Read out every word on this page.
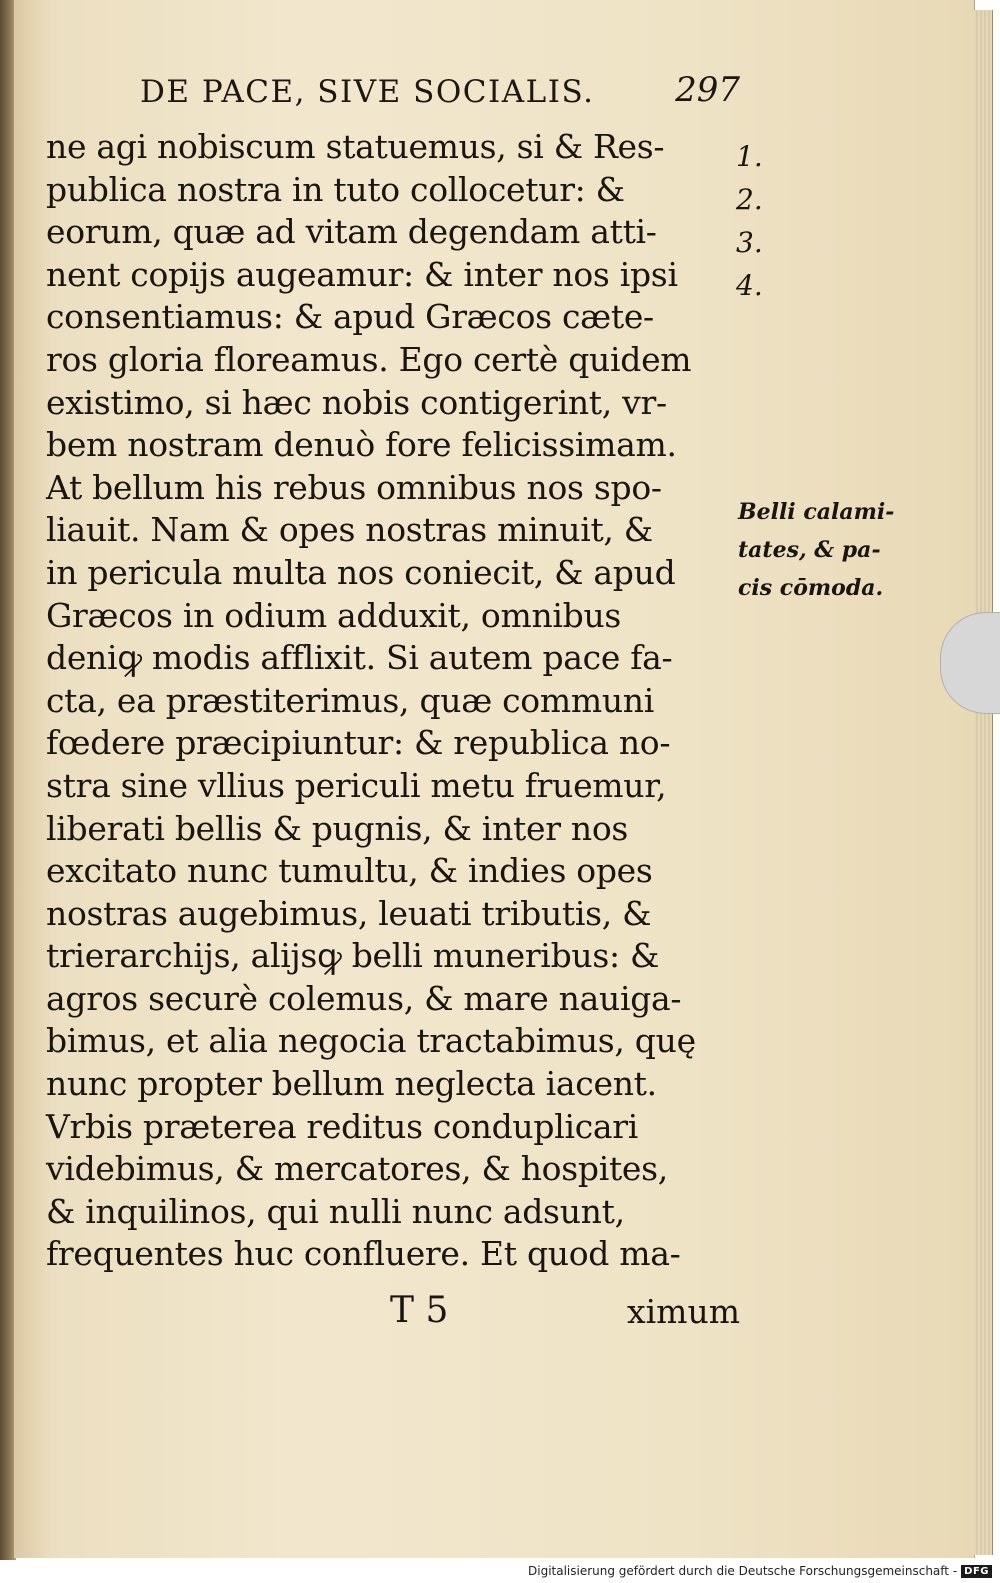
DE PACE, SIVE SOCIALIS. 297
ne agi nobiscum statuemus, si & Res-
publica nostra in tuto collocetur: &
eorum, quæ ad vitam degendam atti-
nent copijs augeamur: & inter nos ipsi
consentiamus: & apud Græcos cæte-
ros gloria floreamus. Ego certè quidem
existimo, si hæc nobis contigerint, vr-
bem nostram denuò fore felicissimam.
At bellum his rebus omnibus nos spo-
liauit. Nam & opes nostras minuit, &
in pericula multa nos coniecit, & apud
Græcos in odium adduxit, omnibus
deniꝙ modis afflixit. Si autem pace fa-
cta, ea præstiterimus, quæ communi
fœdere præcipiuntur: & republica no-
stra sine vllius periculi metu fruemur,
liberati bellis & pugnis, & inter nos
excitato nunc tumultu, & indies opes
nostras augebimus, leuati tributis, &
trierarchijs, alijsꝙ belli muneribus: &
agros securè colemus, & mare nauiga-
bimus, et alia negocia tractabimus, quę
nunc propter bellum neglecta iacent.
Vrbis præterea reditus conduplicari
videbimus, & mercatores, & hospites,
& inquilinos, qui nulli nunc adsunt,
frequentes huc confluere. Et quod ma-
1.
2.
3.
4.
Belli calami-
tates, & pa-
cis cōmoda.
T 5	ximum
Digitalisierung gefördert durch die Deutsche Forschungsgemeinschaft - DFG
